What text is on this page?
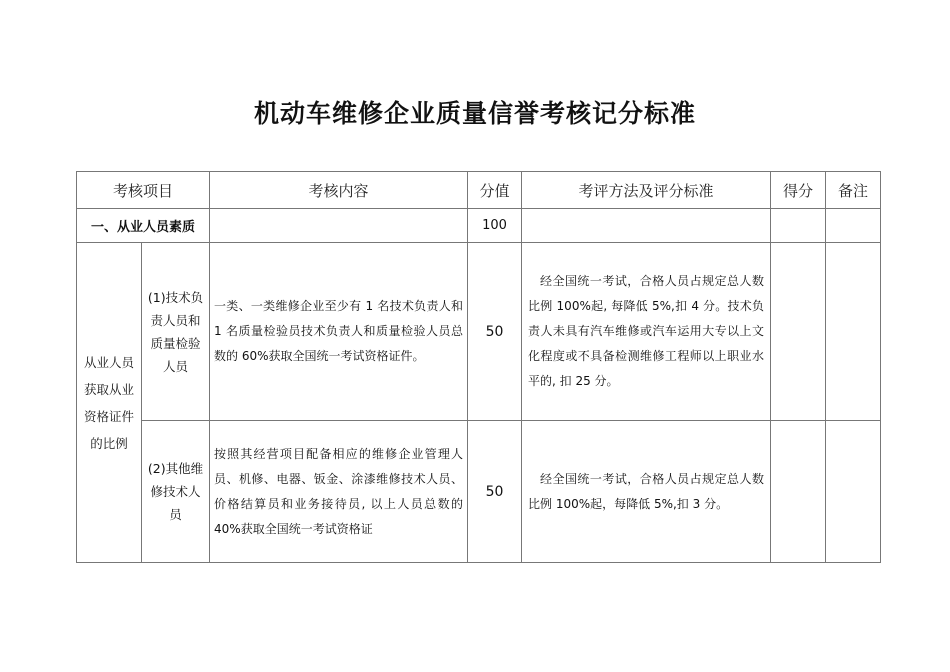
机动车维修企业质量信誉考核记分标准
考核项目		考核内容	分值	考评方法及评分标准	得分	备注
一、从业人员素质			100			

从业人员获取从业资格证件的比例	(1)技术负责人员和质量检验人员	一类、一类维修企业至少有 1 名技术负责人和 1 名质量检验员技术负责人和质量检验人员总数的 60%获取全国统一考试资格证件。	50	经全国统一考试，合格人员占规定总人数比例 100%起, 每降低 5%,扣 4 分。技术负责人未具有汽车维修或汽车运用大专以上文化程度或不具备检测维修工程师以上职业水平的, 扣 25 分。		

	(2)其他维修技术人员	按照其经营项目配备相应的维修企业管理人员、机修、电器、钣金、涂漆维修技术人员、价格结算员和业务接待员, 以上人员总数的 40%获取全国统一考试资格证	50	经全国统一考试，合格人员占规定总人数比例 100%起，每降低 5%,扣 3 分。		
